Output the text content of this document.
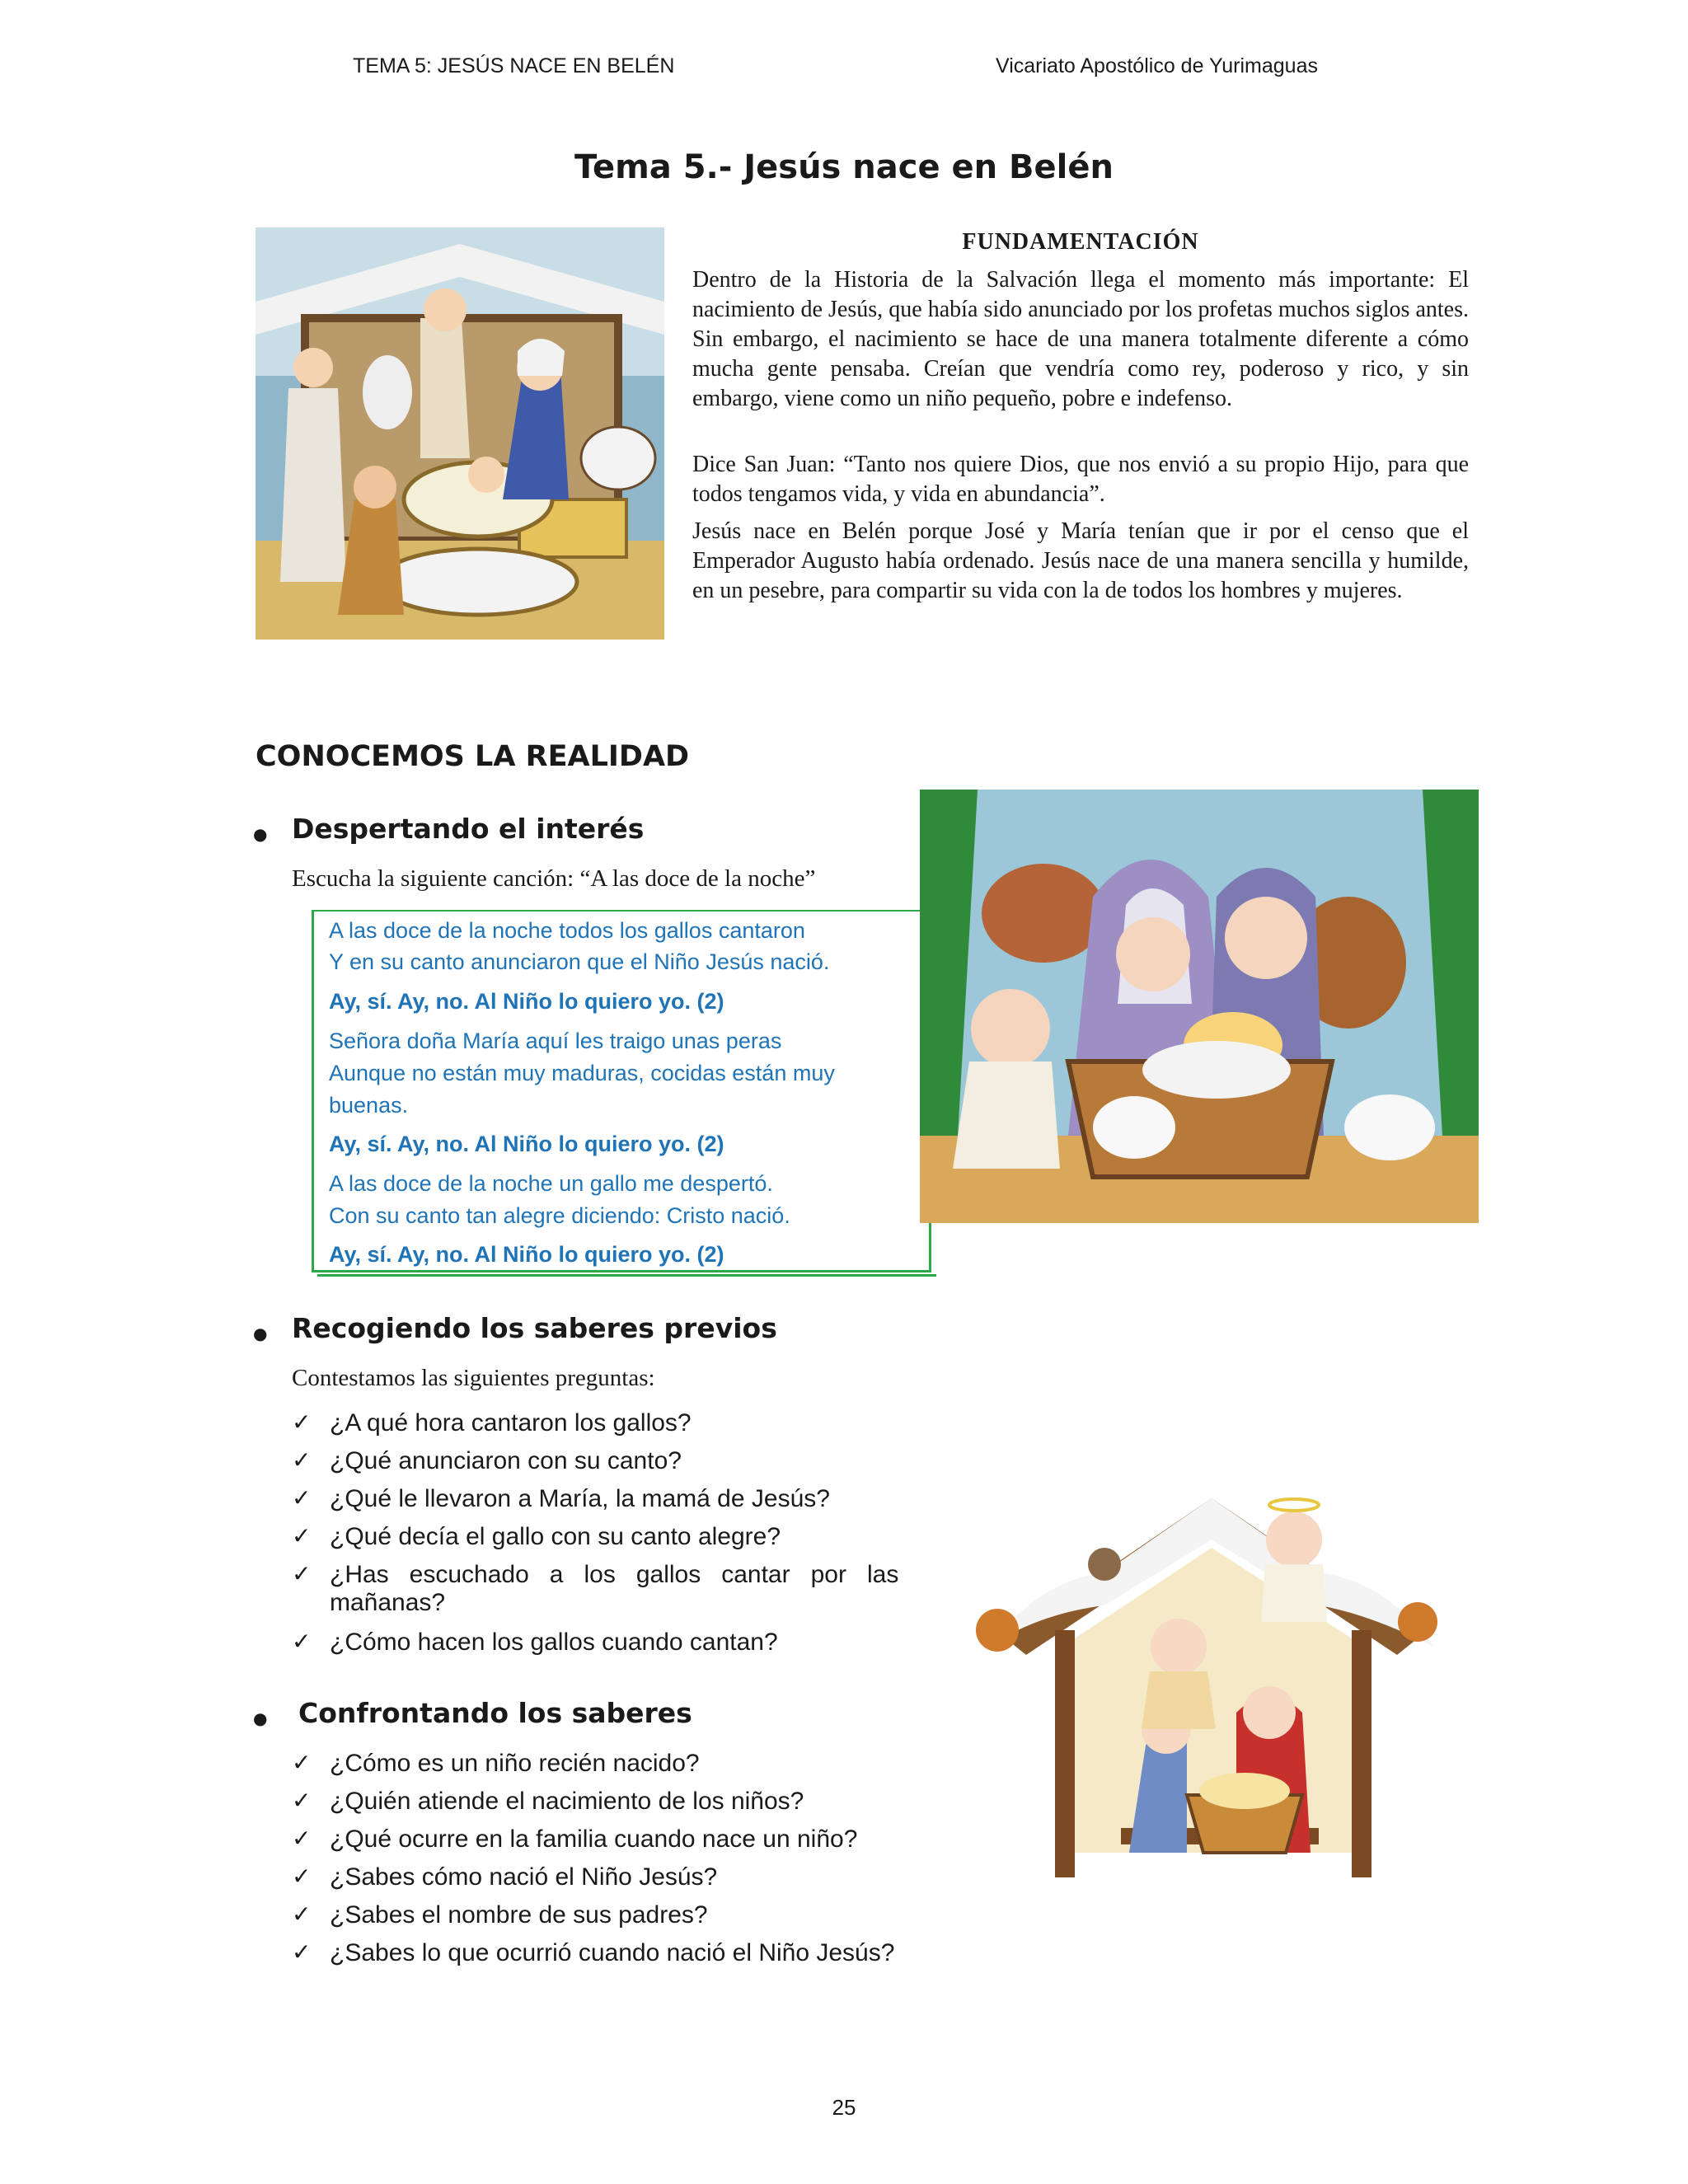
TEMA 5: JESÚS NACE EN BELÉN	Vicariato Apostólico de Yurimaguas
Tema 5.- Jesús nace en Belén
FUNDAMENTACIÓN

Dentro de la Historia de la Salvación llega el momento más importante: El nacimiento de Jesús, que había sido anunciado por los profetas muchos siglos antes. Sin embargo, el nacimiento se hace de una manera totalmente diferente a cómo mucha gente pensaba. Creían que vendría como rey, poderoso y rico, y sin embargo, viene como un niño pequeño, pobre e indefenso.

Dice San Juan: “Tanto nos quiere Dios, que nos envió a su propio Hijo, para que todos tengamos vida, y vida en abundancia”.

Jesús nace en Belén porque José y María tenían que ir por el censo que el Emperador Augusto había ordenado. Jesús nace de una manera sencilla y humilde, en un pesebre, para compartir su vida con la de todos los hombres y mujeres.

CONOCEMOS LA REALIDAD
● Despertando el interés
Escucha la siguiente canción: “A las doce de la noche”
A las doce de la noche todos los gallos cantaron
Y en su canto anunciaron que el Niño Jesús nació.
Ay, sí. Ay, no. Al Niño lo quiero yo. (2)
Señora doña María aquí les traigo unas peras
Aunque no están muy maduras, cocidas están muy
buenas.
Ay, sí. Ay, no. Al Niño lo quiero yo. (2)
A las doce de la noche un gallo me despertó.
Con su canto tan alegre diciendo: Cristo nació.
Ay, sí. Ay, no. Al Niño lo quiero yo. (2)
● Recogiendo los saberes previos
Contestamos las siguientes preguntas:
✓ ¿A qué hora cantaron los gallos?
✓ ¿Qué anunciaron con su canto?
✓ ¿Qué le llevaron a María, la mamá de Jesús?
✓ ¿Qué decía el gallo con su canto alegre?
✓ ¿Has   escuchado   a   los   gallos   cantar   por   las
mañanas?
✓ ¿Cómo hacen los gallos cuando cantan?
● Confrontando los saberes
✓ ¿Cómo es un niño recién nacido?
✓ ¿Quién atiende el nacimiento de los niños?
✓ ¿Qué ocurre en la familia cuando nace un niño?
✓ ¿Sabes cómo nació el Niño Jesús?
✓ ¿Sabes el nombre de sus padres?
✓ ¿Sabes lo que ocurrió cuando nació el Niño Jesús?
25
